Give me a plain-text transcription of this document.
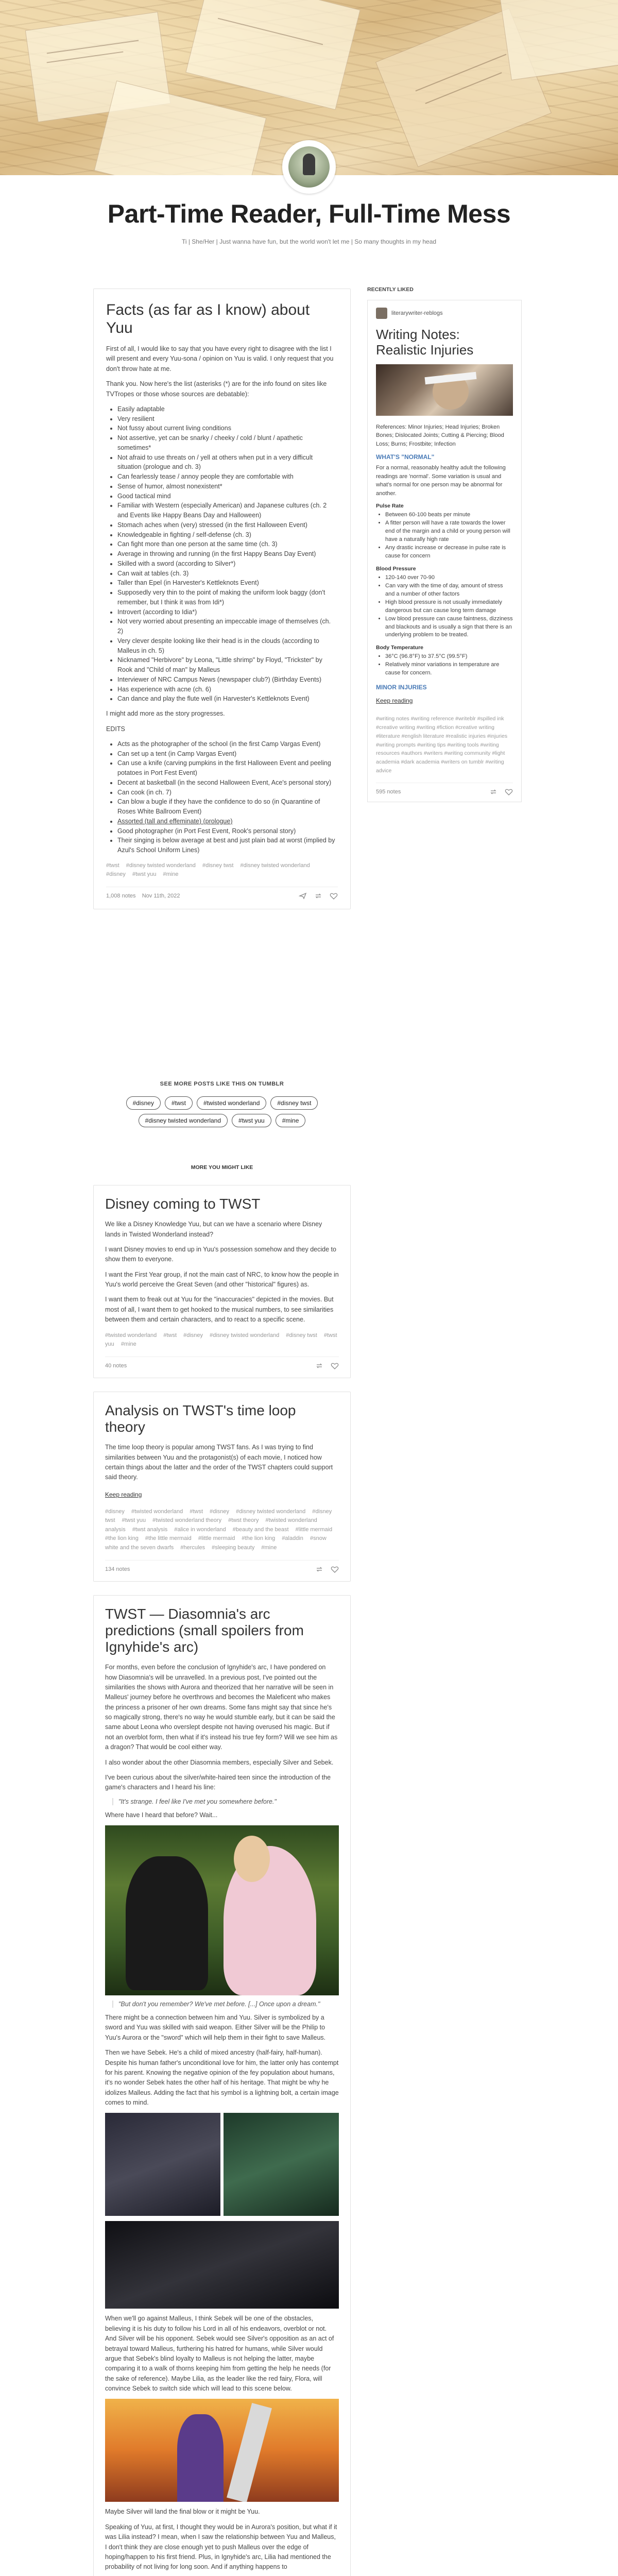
Part-Time Reader, Full-Time Mess
Ti | She/Her | Just wanna have fun, but the world won't let me | So many thoughts in my head
Facts (as far as I know) about Yuu

First of all, I would like to say that you have every right to disagree with the list I will present and every Yuu-sona / opinion on Yuu is valid. I only request that you don't throw hate at me.

Thank you. Now here's the list (asterisks (*) are for the info found on sites like TVTropes or those whose sources are debatable):

• Easily adaptable
• Very resilient
• Not fussy about current living conditions
• Not assertive, yet can be snarky / cheeky / cold / blunt / apathetic sometimes*
• Not afraid to use threats on / yell at others when put in a very difficult situation (prologue and ch. 3)
• Can fearlessly tease / annoy people they are comfortable with
• Sense of humor, almost nonexistent*
• Good tactical mind
• Familiar with Western (especially American) and Japanese cultures (ch. 2 and Events like Happy Beans Day and Halloween)
• Stomach aches when (very) stressed (in the first Halloween Event)
• Knowledgeable in fighting / self-defense (ch. 3)
• Can fight more than one person at the same time (ch. 3)
• Average in throwing and running (in the first Happy Beans Day Event)
• Skilled with a sword (according to Silver*)
• Can wait at tables (ch. 3)
• Taller than Epel (in Harvester's Kettleknots Event)
• Supposedly very thin to the point of making the uniform look baggy (don't remember, but I think it was from Idi*)
• Introvert (according to Idia*)
• Not very worried about presenting an impeccable image of themselves (ch. 2)
• Very clever despite looking like their head is in the clouds (according to Malleus in ch. 5)
• Nicknamed "Herbivore" by Leona, "Little shrimp" by Floyd, "Trickster" by Rook and "Child of man" by Malleus
• Interviewer of NRC Campus News (newspaper club?) (Birthday Events)
• Has experience with acne (ch. 6)
• Can dance and play the flute well (in Harvester's Kettleknots Event)

I might add more as the story progresses.

EDITS

• Acts as the photographer of the school (in the first Camp Vargas Event)
• Can set up a tent (in Camp Vargas Event)
• Can use a knife (carving pumpkins in the first Halloween Event and peeling potatoes in Port Fest Event)
• Decent at basketball (in the second Halloween Event, Ace's personal story)
• Can cook (in ch. 7)
• Can blow a bugle if they have the confidence to do so (in Quarantine of Roses White Ballroom Event)
• Assorted (tall and effeminate) (prologue)
• Good photographer (in Port Fest Event, Rook's personal story)
• Their singing is below average at best and just plain bad at worst (implied by Azul's School Uniform Lines)
#twst #disney twisted wonderland #disney twst #disney twisted wonderland #disney #twst yuu #mine
1,008 notes Nov 11th, 2022
SEE MORE POSTS LIKE THIS ON TUMBLR
#disney	#twst	#twisted wonderland	#disney twst
#disney twisted wonderland	#twst yuu	#mine
MORE YOU MIGHT LIKE
Disney coming to TWST

We like a Disney Knowledge Yuu, but can we have a scenario where Disney lands in Twisted Wonderland instead?

I want Disney movies to end up in Yuu's possession somehow and they decide to show them to everyone.

I want the First Year group, if not the main cast of NRC, to know how the people in Yuu's world perceive the Great Seven (and other "historical" figures) as.

I want them to freak out at Yuu for the "inaccuracies" depicted in the movies. But most of all, I want them to get hooked to the musical numbers, to see similarities between them and certain characters, and to react to a specific scene.

#twisted wonderland #twst #disney #disney twisted wonderland #disney twst #twst yuu #mine
40 notes
Analysis on TWST's time loop theory

The time loop theory is popular among TWST fans. As I was trying to find similarities between Yuu and the protagonist(s) of each movie, I noticed how certain things about the latter and the order of the TWST chapters could support said theory.

Keep reading
#disney #twisted wonderland #twst #disney #disney twisted wonderland #disney twst #twst yuu #twisted wonderland theory #twst theory #twisted wonderland analysis #twst analysis #alice in wonderland #beauty and the beast #little mermaid #the lion king #the little mermaid #little mermaid #the lion king #aladdin #snow white and the seven dwarfs #hercules #sleeping beauty #mine
134 notes
TWST — Diasomnia's arc predictions (small spoilers from Ignyhide's arc)

For months, even before the conclusion of Ignyhide's arc, I have pondered on how Diasomnia's will be unravelled. In a previous post, I've pointed out the similarities the shows with Aurora and theorized that her narrative will be seen in Malleus' journey before he overthrows and becomes the Maleficent who makes the princess a prisoner of her own dreams. Some fans might say that since he's so magically strong, there's no way he would stumble early, but it can be said the same about Leona who overslept despite not having overused his magic. But if not an overblot form, then what if it's instead his true fey form? Will we see him as a dragon? That would be cool either way.

I also wonder about the other Diasomnia members, especially Silver and Sebek.

I've been curious about the silver/white-haired teen since the introduction of the game's characters and I heard his line:

"It's strange. I feel like I've met you somewhere before."

Where have I heard that before? Wait...

"But don't you remember? We've met before. [...] Once upon a dream."

There might be a connection between him and Yuu. Silver is symbolized by a sword and Yuu was skilled with said weapon. Either Silver will be the Philip to Yuu's Aurora or the "sword" which will help them in their fight to save Malleus.

Then we have Sebek. He's a child of mixed ancestry (half-fairy, half-human). Despite his human father's unconditional love for him, the latter only has contempt for his parent. Knowing the negative opinion of the fey population about humans, it's no wonder Sebek hates the other half of his heritage. That might be why he idolizes Malleus. Adding the fact that his symbol is a lightning bolt, a certain image comes to mind.

When we'll go against Malleus, I think Sebek will be one of the obstacles, believing it is his duty to follow his Lord in all of his endeavors, overblot or not. And Silver will be his opponent. Sebek would see Silver's opposition as an act of betrayal toward Malleus, furthering his hatred for humans, while Silver would argue that Sebek's blind loyalty to Malleus is not helping the latter, maybe comparing it to a walk of thorns keeping him from getting the help he needs (for the sake of reference). Maybe Lilia, as the leader like the red fairy, Flora, will convince Sebek to switch side which will lead to this scene below.

Maybe Silver will land the final blow or it might be Yuu.

Speaking of Yuu, at first, I thought they would be in Aurora's position, but what if it was Lilia instead? I mean, when I saw the relationship between Yuu and Malleus, I don't think they are close enough yet to push Malleus over the edge of hoping/happen to his first friend. Plus, in Ignyhide's arc, Lilia had mentioned the probability of not living for long soon. And if anything happens to

RECENTLY LIKED
literarywriter-reblogs
Writing Notes: Realistic Injuries

References: Minor Injuries; Head Injuries; Broken Bones; Dislocated Joints; Cutting & Piercing; Blood Loss; Burns; Frostbite; Infection

WHAT'S "NORMAL"

For a normal, reasonably healthy adult the following readings are 'normal'. Some variation is usual and what's normal for one person may be abnormal for another.

Pulse Rate
• Between 60-100 beats per minute
• A fitter person will have a rate towards the lower end of the margin and a child or young person will have a naturally high rate
• Any drastic increase or decrease in pulse rate is cause for concern
Blood Pressure
• 120-140 over 70-90
• Can vary with the time of day, amount of stress and a number of other factors
• High blood pressure is not usually immediately dangerous but can cause long term damage
• Low blood pressure can cause faintness, dizziness and blackouts and is usually a sign that there is an underlying problem to be treated.
Body Temperature
• 36°C (96.8°F) to 37.5°C (99.5°F)
• Relatively minor variations in temperature are cause for concern.
MINOR INJURIES
Keep reading
#writing notes #writing reference #writeblr #spilled ink #creative writing #writing #fiction #creative writing #literature #english literature #realistic injuries #injuries #writing prompts #writing tips #writing tools #writing resources #authors #writers #writing community #light academia #dark academia #writers on tumblr #writing advice
595 notes
